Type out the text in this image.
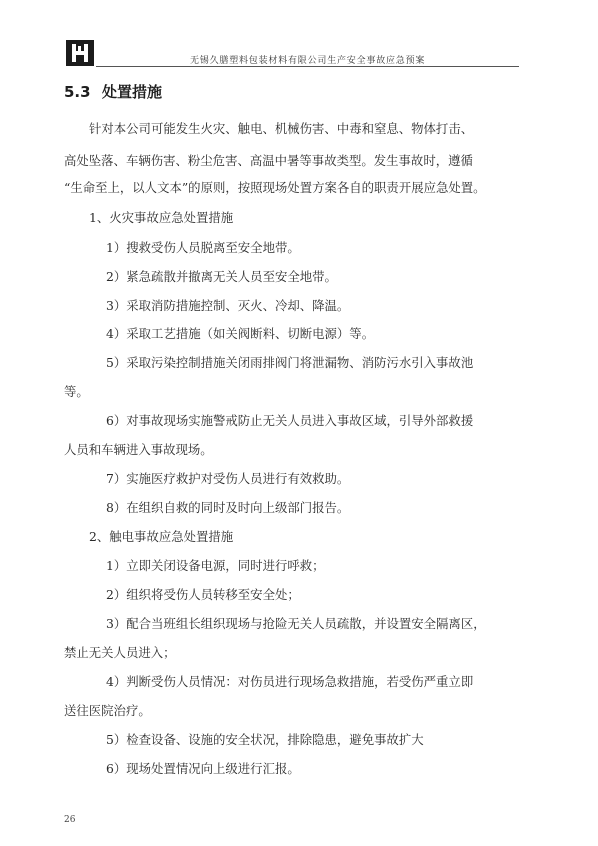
无锡久膳塑料包装材料有限公司生产安全事故应急预案
5.3 处置措施
针对本公司可能发生火灾、触电、机械伤害、中毒和窒息、物体打击、
高处坠落、车辆伤害、粉尘危害、高温中暑等事故类型。发生事故时，遵循
“生命至上，以人文本”的原则，按照现场处置方案各自的职责开展应急处置。
1、火灾事故应急处置措施
1）搜救受伤人员脱离至安全地带。
2）紧急疏散并撤离无关人员至安全地带。
3）采取消防措施控制、灭火、冷却、降温。
4）采取工艺措施（如关阀断料、切断电源）等。
5）采取污染控制措施关闭雨排阀门将泄漏物、消防污水引入事故池
等。
6）对事故现场实施警戒防止无关人员进入事故区域，引导外部救援
人员和车辆进入事故现场。
7）实施医疗救护对受伤人员进行有效救助。
8）在组织自救的同时及时向上级部门报告。
2、触电事故应急处置措施
1）立即关闭设备电源，同时进行呼救；
2）组织将受伤人员转移至安全处；
3）配合当班组长组织现场与抢险无关人员疏散，并设置安全隔离区，
禁止无关人员进入；
4）判断受伤人员情况：对伤员进行现场急救措施，若受伤严重立即
送往医院治疗。
5）检查设备、设施的安全状况，排除隐患，避免事故扩大
6）现场处置情况向上级进行汇报。
26
